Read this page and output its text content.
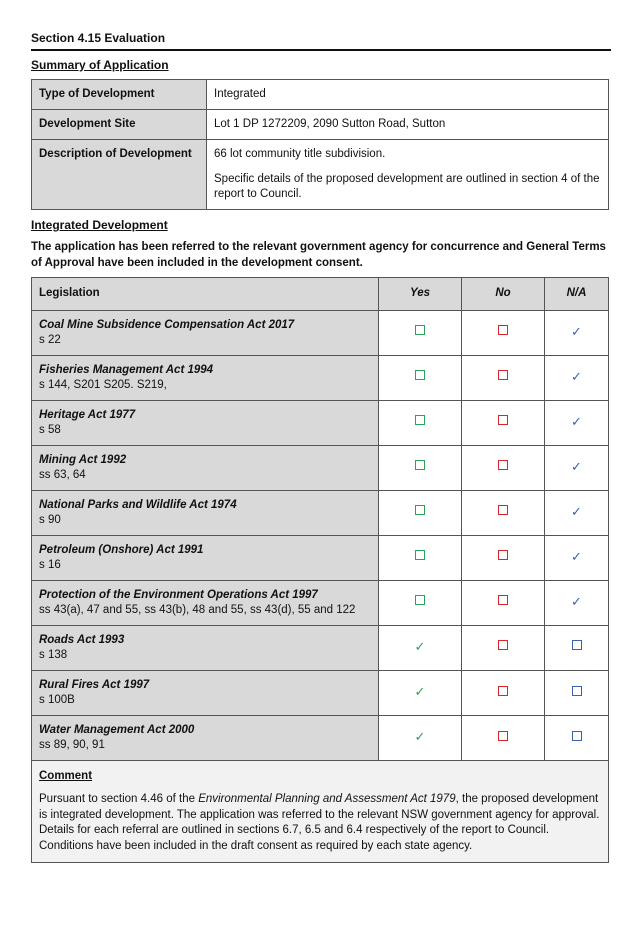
Section 4.15 Evaluation
Summary of Application
Type of Development	Integrated
Development Site	Lot 1 DP 1272209, 2090 Sutton Road, Sutton
Description of Development	66 lot community title subdivision.

Specific details of the proposed development are outlined in section 4 of the report to Council.

Integrated Development
The application has been referred to the relevant government agency for concurrence and General Terms of Approval have been included in the development consent.
Legislation	Yes	No	N/A

Coal Mine Subsidence Compensation Act 2017
s 22			✓

Fisheries Management Act 1994
s 144, S201 S205. S219,			✓

Heritage Act 1977
s 58			✓

Mining Act 1992
ss 63, 64			✓

National Parks and Wildlife Act 1974
s 90			✓

Petroleum (Onshore) Act 1991
s 16			✓

Protection of the Environment Operations Act 1997
ss 43(a), 47 and 55, ss 43(b), 48 and 55, ss 43(d), 55 and 122			✓

Roads Act 1993
s 138	✓		

Rural Fires Act 1997
s 100B	✓		

Water Management Act 2000
ss 89, 90, 91	✓		

Comment
Pursuant to section 4.46 of the Environmental Planning and Assessment Act 1979, the proposed development is integrated development. The application was referred to the relevant NSW government agency for approval. Details for each referral are outlined in sections 6.7, 6.5 and 6.4 respectively of the report to Council. Conditions have been included in the draft consent as required by each state agency.			
